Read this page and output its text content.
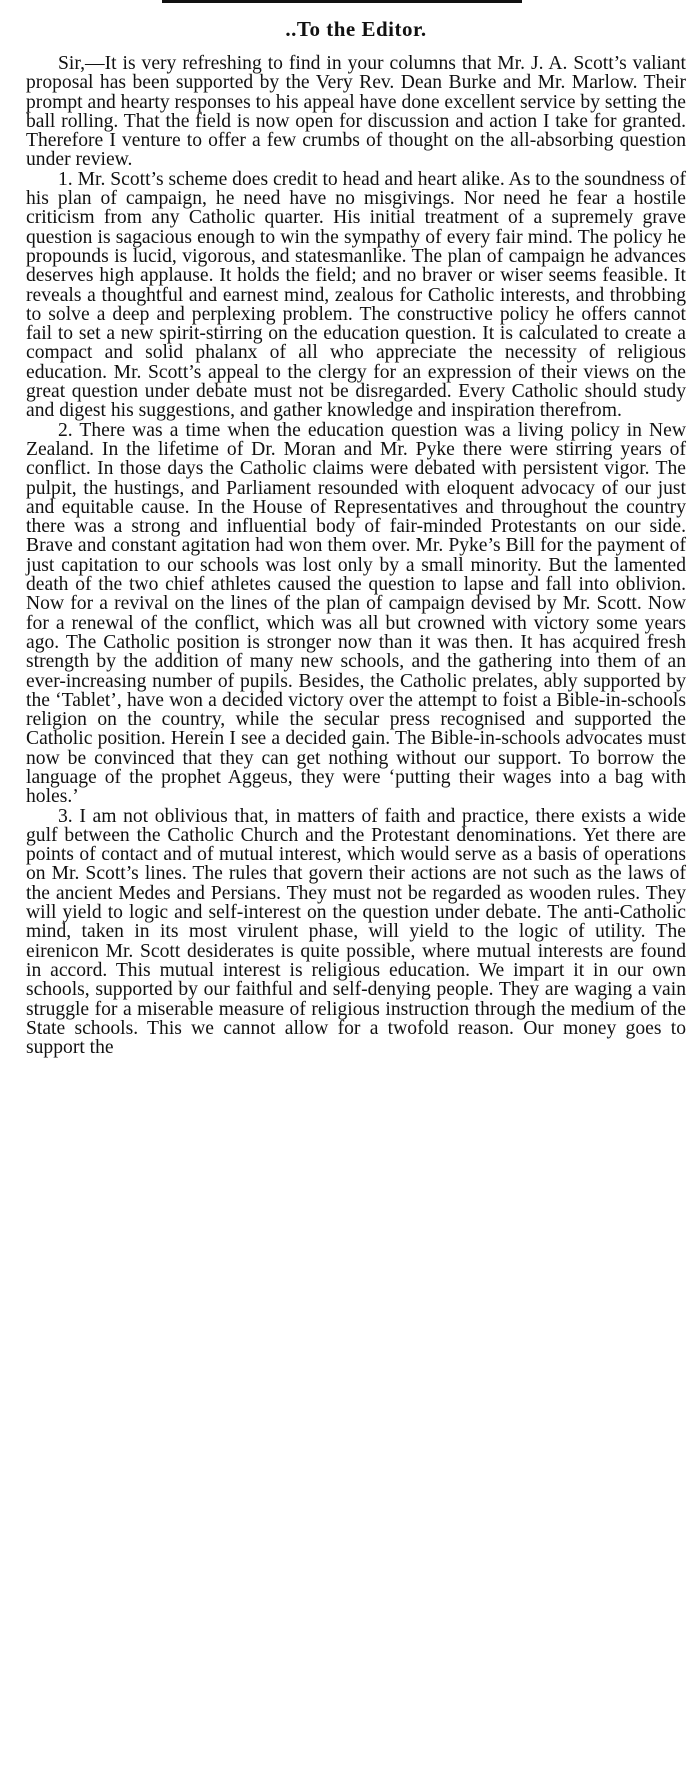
..To the Editor.

Sir,—It is very refreshing to find in your columns that Mr. J. A. Scott’s valiant proposal has been supported by the Very Rev. Dean Burke and Mr. Marlow. Their prompt and hearty responses to his appeal have done excellent service by setting the ball rolling. That the field is now open for discussion and action I take for granted. Therefore I venture to offer a few crumbs of thought on the all-absorbing question under review.

1. Mr. Scott’s scheme does credit to head and heart alike. As to the soundness of his plan of campaign, he need have no misgivings. Nor need he fear a hostile criticism from any Catholic quarter. His initial treatment of a supremely grave question is sagacious enough to win the sympathy of every fair mind. The policy he propounds is lucid, vigorous, and statesmanlike. The plan of campaign he advances deserves high applause. It holds the field; and no braver or wiser seems feasible. It reveals a thoughtful and earnest mind, zealous for Catholic interests, and throbbing to solve a deep and perplexing problem. The constructive policy he offers cannot fail to set a new spirit-stirring on the education question. It is calculated to create a compact and solid phalanx of all who appreciate the necessity of religious education. Mr. Scott’s appeal to the clergy for an expression of their views on the great question under debate must not be disregarded. Every Catholic should study and digest his suggestions, and gather knowledge and inspiration therefrom.

2. There was a time when the education question was a living policy in New Zealand. In the lifetime of Dr. Moran and Mr. Pyke there were stirring years of conflict. In those days the Catholic claims were debated with persistent vigor. The pulpit, the hustings, and Parliament resounded with eloquent advocacy of our just and equitable cause. In the House of Representatives and throughout the country there was a strong and influential body of fair-minded Protestants on our side. Brave and constant agitation had won them over. Mr. Pyke’s Bill for the payment of just capitation to our schools was lost only by a small minority. But the lamented death of the two chief athletes caused the question to lapse and fall into oblivion. Now for a revival on the lines of the plan of campaign devised by Mr. Scott. Now for a renewal of the conflict, which was all but crowned with victory some years ago. The Catholic position is stronger now than it was then. It has acquired fresh strength by the addition of many new schools, and the gathering into them of an ever-increasing number of pupils. Besides, the Catholic prelates, ably supported by the ‘Tablet’, have won a decided victory over the attempt to foist a Bible-in-schools religion on the country, while the secular press recognised and supported the Catholic position. Herein I see a decided gain. The Bible-in-schools advocates must now be convinced that they can get nothing without our support. To borrow the language of the prophet Aggeus, they were ‘putting their wages into a bag with holes.’

3. I am not oblivious that, in matters of faith and practice, there exists a wide gulf between the Catholic Church and the Protestant denominations. Yet there are points of contact and of mutual interest, which would serve as a basis of operations on Mr. Scott’s lines. The rules that govern their actions are not such as the laws of the ancient Medes and Persians. They must not be regarded as wooden rules. They will yield to logic and self-interest on the question under debate. The anti-Catholic mind, taken in its most virulent phase, will yield to the logic of utility. The eirenicon Mr. Scott desiderates is quite possible, where mutual interests are found in accord. This mutual interest is religious education. We impart it in our own schools, supported by our faithful and self-denying people. They are waging a vain struggle for a miserable measure of religious instruction through the medium of the State schools. This we cannot allow for a twofold reason. Our money goes to support the
